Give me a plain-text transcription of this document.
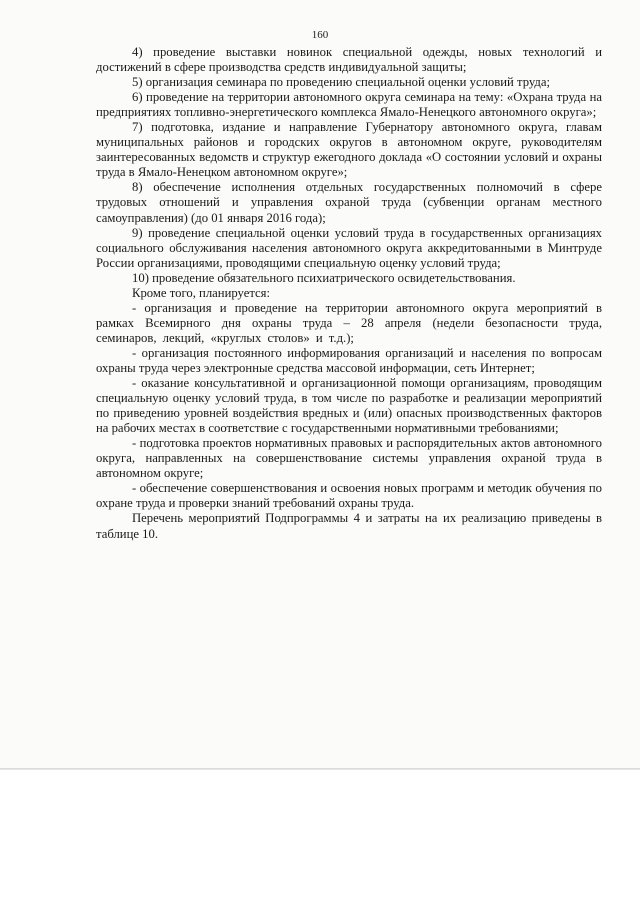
160

4) проведение выставки новинок специальной одежды, новых технологий и достижений в сфере производства средств индивидуальной защиты;

5) организация семинара по проведению специальной оценки условий труда;

6) проведение на территории автономного округа семинара на тему: «Охрана труда на предприятиях топливно-энергетического комплекса Ямало-Ненецкого автономного округа»;

7) подготовка, издание и направление Губернатору автономного округа, главам муниципальных районов и городских округов в автономном округе, руководителям заинтересованных ведомств и структур ежегодного доклада «О состоянии условий и охраны труда в Ямало-Ненецком автономном округе»;

8) обеспечение исполнения отдельных государственных полномочий в сфере трудовых отношений и управления охраной труда (субвенции органам местного самоуправления) (до 01 января 2016 года);

9) проведение специальной оценки условий труда в государственных организациях социального обслуживания населения автономного округа аккредитованными в Минтруде России организациями, проводящими специальную оценку условий труда;

10) проведение обязательного психиатрического освидетельствования.

Кроме того, планируется:

- организация и проведение на территории автономного округа мероприятий в рамках Всемирного дня охраны труда – 28 апреля (недели безопасности труда, семинаров, лекций, «круглых столов» и т.д.);

- организация постоянного информирования организаций и населения по вопросам охраны труда через электронные средства массовой информации, сеть Интернет;

- оказание консультативной и организационной помощи организациям, проводящим специальную оценку условий труда, в том числе по разработке и реализации мероприятий по приведению уровней воздействия вредных и (или) опасных производственных факторов на рабочих местах в соответствие с государственными нормативными требованиями;

- подготовка проектов нормативных правовых и распорядительных актов автономного округа, направленных на совершенствование системы управления охраной труда в автономном округе;

- обеспечение совершенствования и освоения новых программ и методик обучения по охране труда и проверки знаний требований охраны труда.

Перечень мероприятий Подпрограммы 4 и затраты на их реализацию приведены в таблице 10.
